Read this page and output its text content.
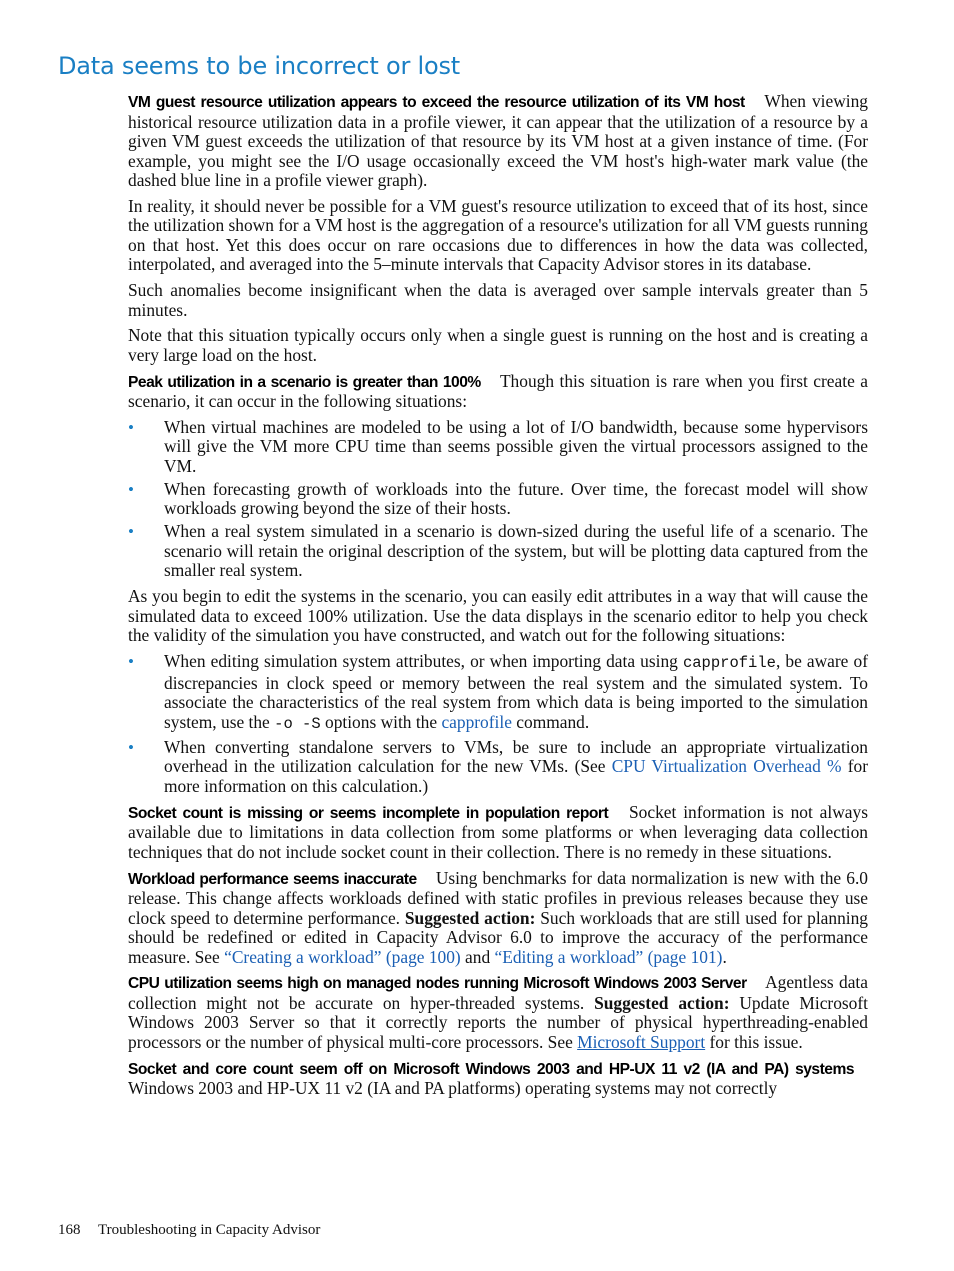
Data seems to be incorrect or lost

VM guest resource utilization appears to exceed the resource utilization of its VM host When viewing historical resource utilization data in a profile viewer, it can appear that the utilization of a resource by a given VM guest exceeds the utilization of that resource by its VM host at a given instance of time. (For example, you might see the I/O usage occasionally exceed the VM host's high-water mark value (the dashed blue line in a profile viewer graph).

In reality, it should never be possible for a VM guest's resource utilization to exceed that of its host, since the utilization shown for a VM host is the aggregation of a resource's utilization for all VM guests running on that host. Yet this does occur on rare occasions due to differences in how the data was collected, interpolated, and averaged into the 5–minute intervals that Capacity Advisor stores in its database.

Such anomalies become insignificant when the data is averaged over sample intervals greater than 5 minutes.

Note that this situation typically occurs only when a single guest is running on the host and is creating a very large load on the host.

Peak utilization in a scenario is greater than 100% Though this situation is rare when you first create a scenario, it can occur in the following situations:

• When virtual machines are modeled to be using a lot of I/O bandwidth, because some hypervisors will give the VM more CPU time than seems possible given the virtual processors assigned to the VM.
• When forecasting growth of workloads into the future. Over time, the forecast model will show workloads growing beyond the size of their hosts.
• When a real system simulated in a scenario is down-sized during the useful life of a scenario. The scenario will retain the original description of the system, but will be plotting data captured from the smaller real system.

As you begin to edit the systems in the scenario, you can easily edit attributes in a way that will cause the simulated data to exceed 100% utilization. Use the data displays in the scenario editor to help you check the validity of the simulation you have constructed, and watch out for the following situations:

• When editing simulation system attributes, or when importing data using capprofile, be aware of discrepancies in clock speed or memory between the real system and the simulated system. To associate the characteristics of the real system from which data is being imported to the simulation system, use the -o -S options with the capprofile command.
• When converting standalone servers to VMs, be sure to include an appropriate virtualization overhead in the utilization calculation for the new VMs. (See CPU Virtualization Overhead % for more information on this calculation.)

Socket count is missing or seems incomplete in population report Socket information is not always available due to limitations in data collection from some platforms or when leveraging data collection techniques that do not include socket count in their collection. There is no remedy in these situations.

Workload performance seems inaccurate Using benchmarks for data normalization is new with the 6.0 release. This change affects workloads defined with static profiles in previous releases because they use clock speed to determine performance. Suggested action: Such workloads that are still used for planning should be redefined or edited in Capacity Advisor 6.0 to improve the accuracy of the performance measure. See “Creating a workload” (page 100) and “Editing a workload” (page 101).

CPU utilization seems high on managed nodes running Microsoft Windows 2003 Server Agentless data collection might not be accurate on hyper-threaded systems. Suggested action: Update Microsoft Windows 2003 Server so that it correctly reports the number of physical hyperthreading-enabled processors or the number of physical multi-core processors. See Microsoft Support for this issue.

Socket and core count seem off on Microsoft Windows 2003 and HP-UX 11 v2 (IA and PA) systems Windows 2003 and HP-UX 11 v2 (IA and PA platforms) operating systems may not correctly

168 Troubleshooting in Capacity Advisor
